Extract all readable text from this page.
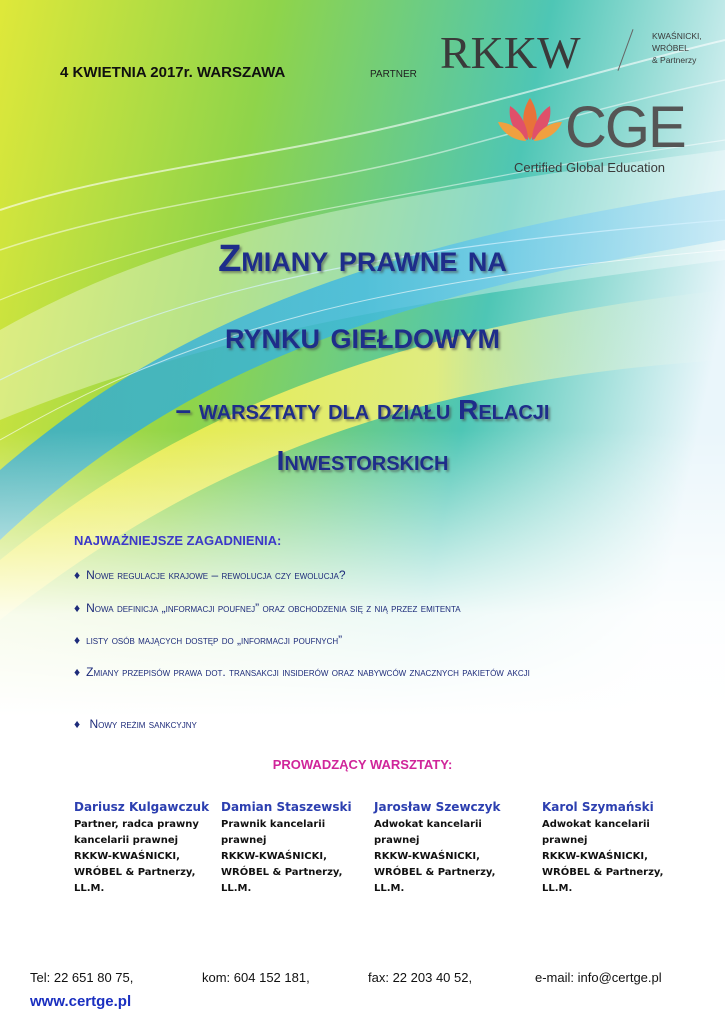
4 KWIETNIA 2017r. WARSZAWA	PARTNER RKKW	KWAŚNICKI,
WRÓBEL
& Partnerzy
CGE
Certified Global Education
Zmiany prawne na
rynku giełdowym
– warsztaty dla działu Relacji
Inwestorskich
NAJWAŻNIEJSZE ZAGADNIENIA:
♦ Nowe regulacje krajowe – rewolucja czy ewolucja?
♦ Nowa definicja „informacji poufnej” oraz obchodzenia się z nią przez emitenta
♦ listy osób mających dostęp do „informacji poufnych”
♦ Zmiany przepisów prawa dot. transakcji insiderów oraz nabywców znacznych pakietów akcji
♦ Nowy reżim sankcyjny
PROWADZĄCY WARSZTATY:
Dariusz Kulgawczuk
Partner, radca prawny
kancelarii prawnej
RKKW-KWAŚNICKI,
WRÓBEL & Partnerzy,
LL.M.
Damian Staszewski
Prawnik kancelarii
prawnej
RKKW-KWAŚNICKI,
WRÓBEL & Partnerzy,
LL.M.
Jarosław Szewczyk
Adwokat kancelarii
prawnej
RKKW-KWAŚNICKI,
WRÓBEL & Partnerzy,
LL.M.
Karol Szymański
Adwokat kancelarii
prawnej
RKKW-KWAŚNICKI,
WRÓBEL & Partnerzy,
LL.M.
Tel: 22 651 80 75,	kom: 604 152 181,	fax: 22 203 40 52,	e-mail: info@certge.pl
www.certge.pl
